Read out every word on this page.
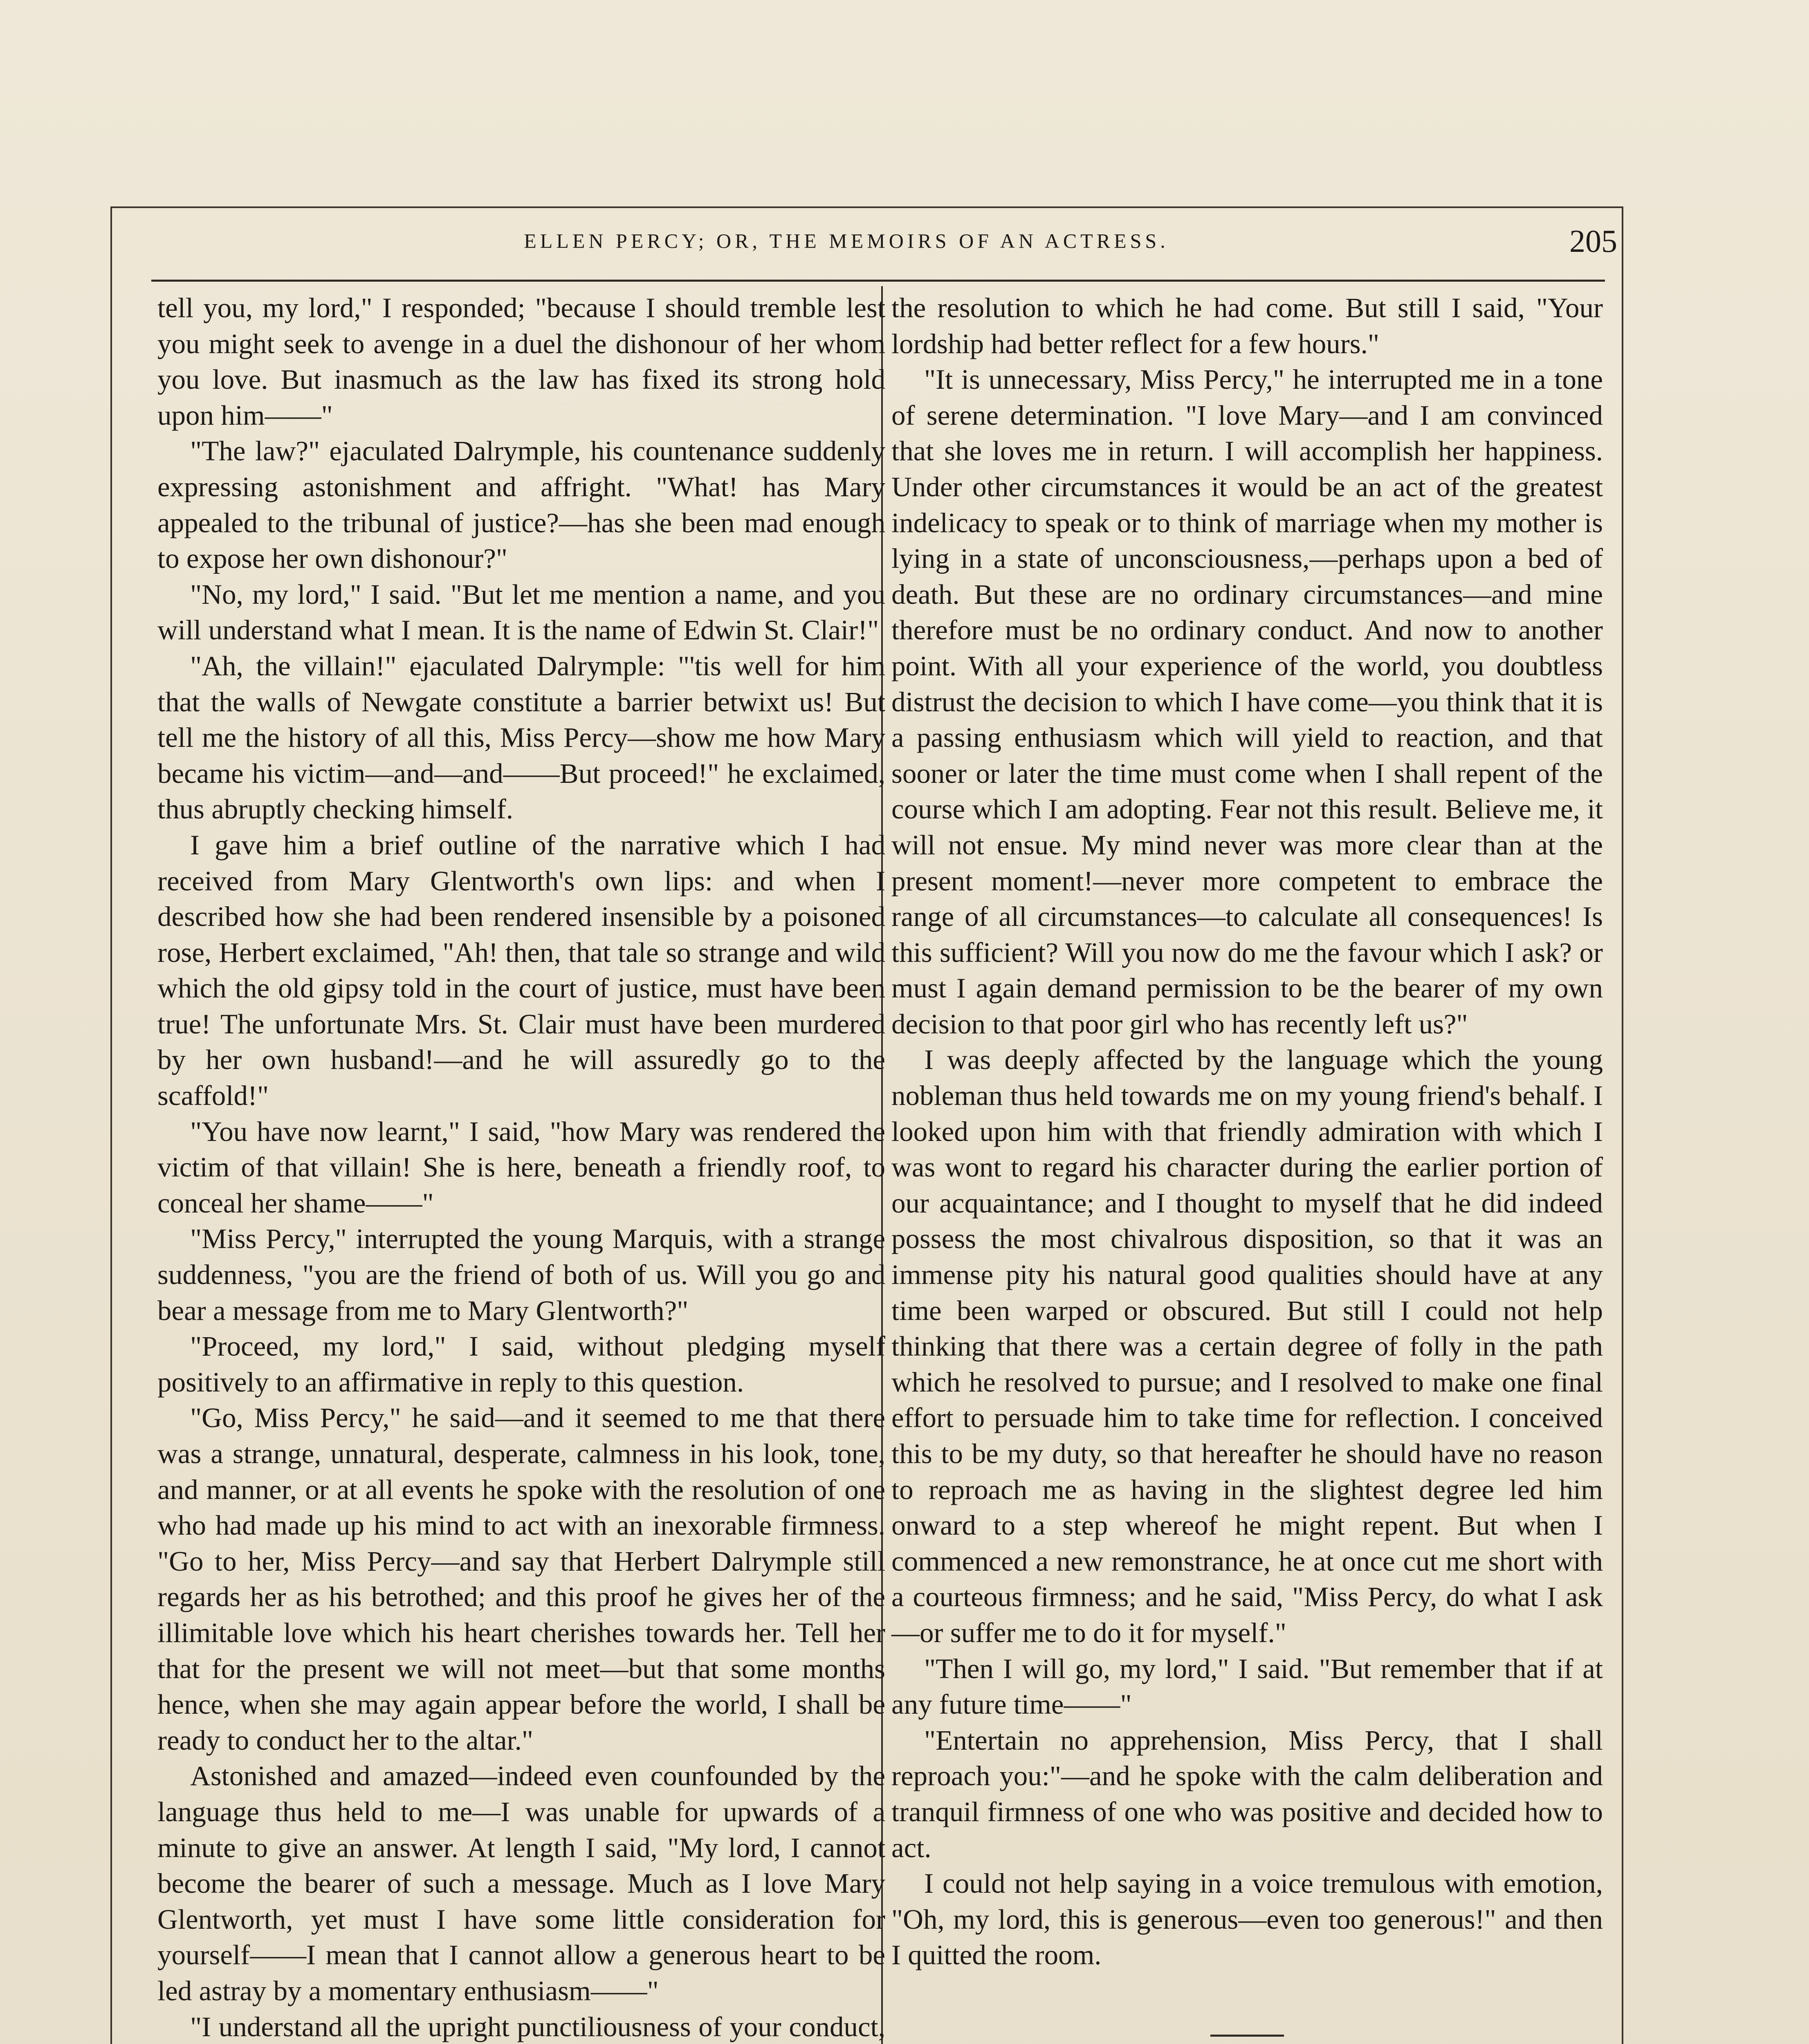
ELLEN PERCY; OR, THE MEMOIRS OF AN ACTRESS.	205

tell you, my lord," I responded; "because I should tremble lest you might seek to avenge in a duel the dishonour of her whom you love. But inasmuch as the law has fixed its strong hold upon him——"

"The law?" ejaculated Dalrymple, his countenance suddenly expressing astonishment and affright. "What! has Mary appealed to the tribunal of justice?—has she been mad enough to expose her own dishonour?"

"No, my lord," I said. "But let me mention a name, and you will understand what I mean. It is the name of Edwin St. Clair!"

"Ah, the villain!" ejaculated Dalrymple: "'tis well for him that the walls of Newgate constitute a barrier betwixt us! But tell me the history of all this, Miss Percy—show me how Mary became his victim—and—and——But proceed!" he exclaimed, thus abruptly checking himself.

I gave him a brief outline of the narrative which I had received from Mary Glentworth's own lips: and when I described how she had been rendered insensible by a poisoned rose, Herbert exclaimed, "Ah! then, that tale so strange and wild which the old gipsy told in the court of justice, must have been true! The unfortunate Mrs. St. Clair must have been murdered by her own husband!—and he will assuredly go to the scaffold!"

"You have now learnt," I said, "how Mary was rendered the victim of that villain! She is here, beneath a friendly roof, to conceal her shame——"

"Miss Percy," interrupted the young Marquis, with a strange suddenness, "you are the friend of both of us. Will you go and bear a message from me to Mary Glentworth?"

"Proceed, my lord," I said, without pledging myself positively to an affirmative in reply to this question.

"Go, Miss Percy," he said—and it seemed to me that there was a strange, unnatural, desperate, calmness in his look, tone, and manner, or at all events he spoke with the resolution of one who had made up his mind to act with an inexorable firmness. "Go to her, Miss Percy—and say that Herbert Dalrymple still regards her as his betrothed; and this proof he gives her of the illimitable love which his heart cherishes towards her. Tell her that for the present we will not meet—but that some months hence, when she may again appear before the world, I shall be ready to conduct her to the altar."

Astonished and amazed—indeed even counfounded by the language thus held to me—I was unable for upwards of a minute to give an answer. At length I said, "My lord, I cannot become the bearer of such a message. Much as I love Mary Glentworth, yet must I have some little consideration for yourself——I mean that I cannot allow a generous heart to be led astray by a momentary enthusiasm——"

"I understand all the upright punctiliousness of your conduct,

the resolution to which he had come. But still I said, "Your lordship had better reflect for a few hours."

"It is unnecessary, Miss Percy," he interrupted me in a tone of serene determination. "I love Mary—and I am convinced that she loves me in return. I will accomplish her happiness. Under other circumstances it would be an act of the greatest indelicacy to speak or to think of marriage when my mother is lying in a state of unconsciousness,—perhaps upon a bed of death. But these are no ordinary circumstances—and mine therefore must be no ordinary conduct. And now to another point. With all your experience of the world, you doubtless distrust the decision to which I have come—you think that it is a passing enthusiasm which will yield to reaction, and that sooner or later the time must come when I shall repent of the course which I am adopting. Fear not this result. Believe me, it will not ensue. My mind never was more clear than at the present moment!—never more competent to embrace the range of all circumstances—to calculate all consequences! Is this sufficient? Will you now do me the favour which I ask? or must I again demand permission to be the bearer of my own decision to that poor girl who has recently left us?"

I was deeply affected by the language which the young nobleman thus held towards me on my young friend's behalf. I looked upon him with that friendly admiration with which I was wont to regard his character during the earlier portion of our acquaintance; and I thought to myself that he did indeed possess the most chivalrous disposition, so that it was an immense pity his natural good qualities should have at any time been warped or obscured. But still I could not help thinking that there was a certain degree of folly in the path which he resolved to pursue; and I resolved to make one final effort to persuade him to take time for reflection. I conceived this to be my duty, so that hereafter he should have no reason to reproach me as having in the slightest degree led him onward to a step whereof he might repent. But when I commenced a new remonstrance, he at once cut me short with a courteous firmness; and he said, "Miss Percy, do what I ask—or suffer me to do it for myself."

"Then I will go, my lord," I said. "But remember that if at any future time——"

"Entertain no apprehension, Miss Percy, that I shall reproach you:"—and he spoke with the calm deliberation and tranquil firmness of one who was positive and decided how to act.

I could not help saying in a voice tremulous with emotion, "Oh, my lord, this is generous—even too generous!" and then I quitted the room.
